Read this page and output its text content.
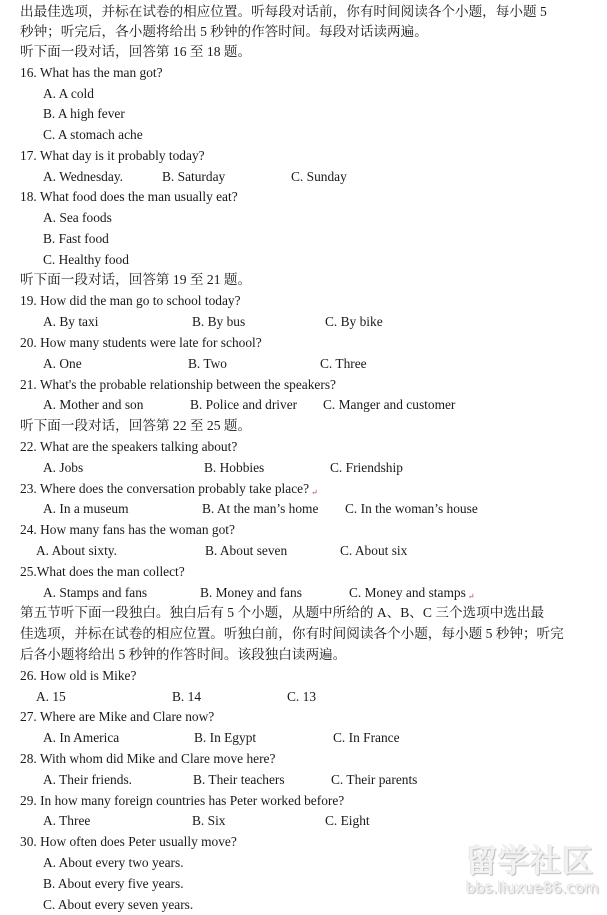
出最佳选项，并标在试卷的相应位置。听每段对话前，你有时间阅读各个小题，每小题 5
秒钟；听完后，各小题将给出 5 秒钟的作答时间。每段对话读两遍。
听下面一段对话，回答第 16 至 18 题。
16. What has the man got?
A. A cold
B. A high fever
C. A stomach ache
17. What day is it probably today?
A. Wednesday.	B. Saturday	C. Sunday
18. What food does the man usually eat?
A. Sea foods
B. Fast food
C. Healthy food
听下面一段对话，回答第 19 至 21 题。
19. How did the man go to school today?
A. By taxi	B. By bus	C. By bike
20. How many students were late for school?
A. One	B. Two	C. Three
21. What's the probable relationship between the speakers?
A. Mother and son	B. Police and driver C. Manger and customer
听下面一段对话，回答第 22 至 25 题。
22. What are the speakers talking about?
A. Jobs	B. Hobbies	C. Friendship
23. Where does the conversation probably take place? ↵
A. In a museum	B. At the man’s home C. In the woman’s house
24. How many fans has the woman got?
A. About sixty.	B. About seven	C. About six
25.What does the man collect?
A. Stamps and fans	B. Money and fans	C. Money and stamps ↵
第五节听下面一段独白。独白后有 5 个小题，从题中所给的 A、B、C 三个选项中选出最
佳选项，并标在试卷的相应位置。听独白前，你有时间阅读各个小题，每小题 5 秒钟；听完
后各小题将给出 5 秒钟的作答时间。该段独白读两遍。
26. How old is Mike?
A. 15	B. 14	C. 13
27. Where are Mike and Clare now?
A. In America	B. In Egypt	C. In France
28. With whom did Mike and Clare move here?
A. Their friends.	B. Their teachers	C. Their parents
29. In how many foreign countries has Peter worked before?
A. Three	B. Six	C. Eight
30. How often does Peter usually move?
A. About every two years.
B. About every five years.
C. About every seven years.
留学社区
bbs.liuxue86.com
